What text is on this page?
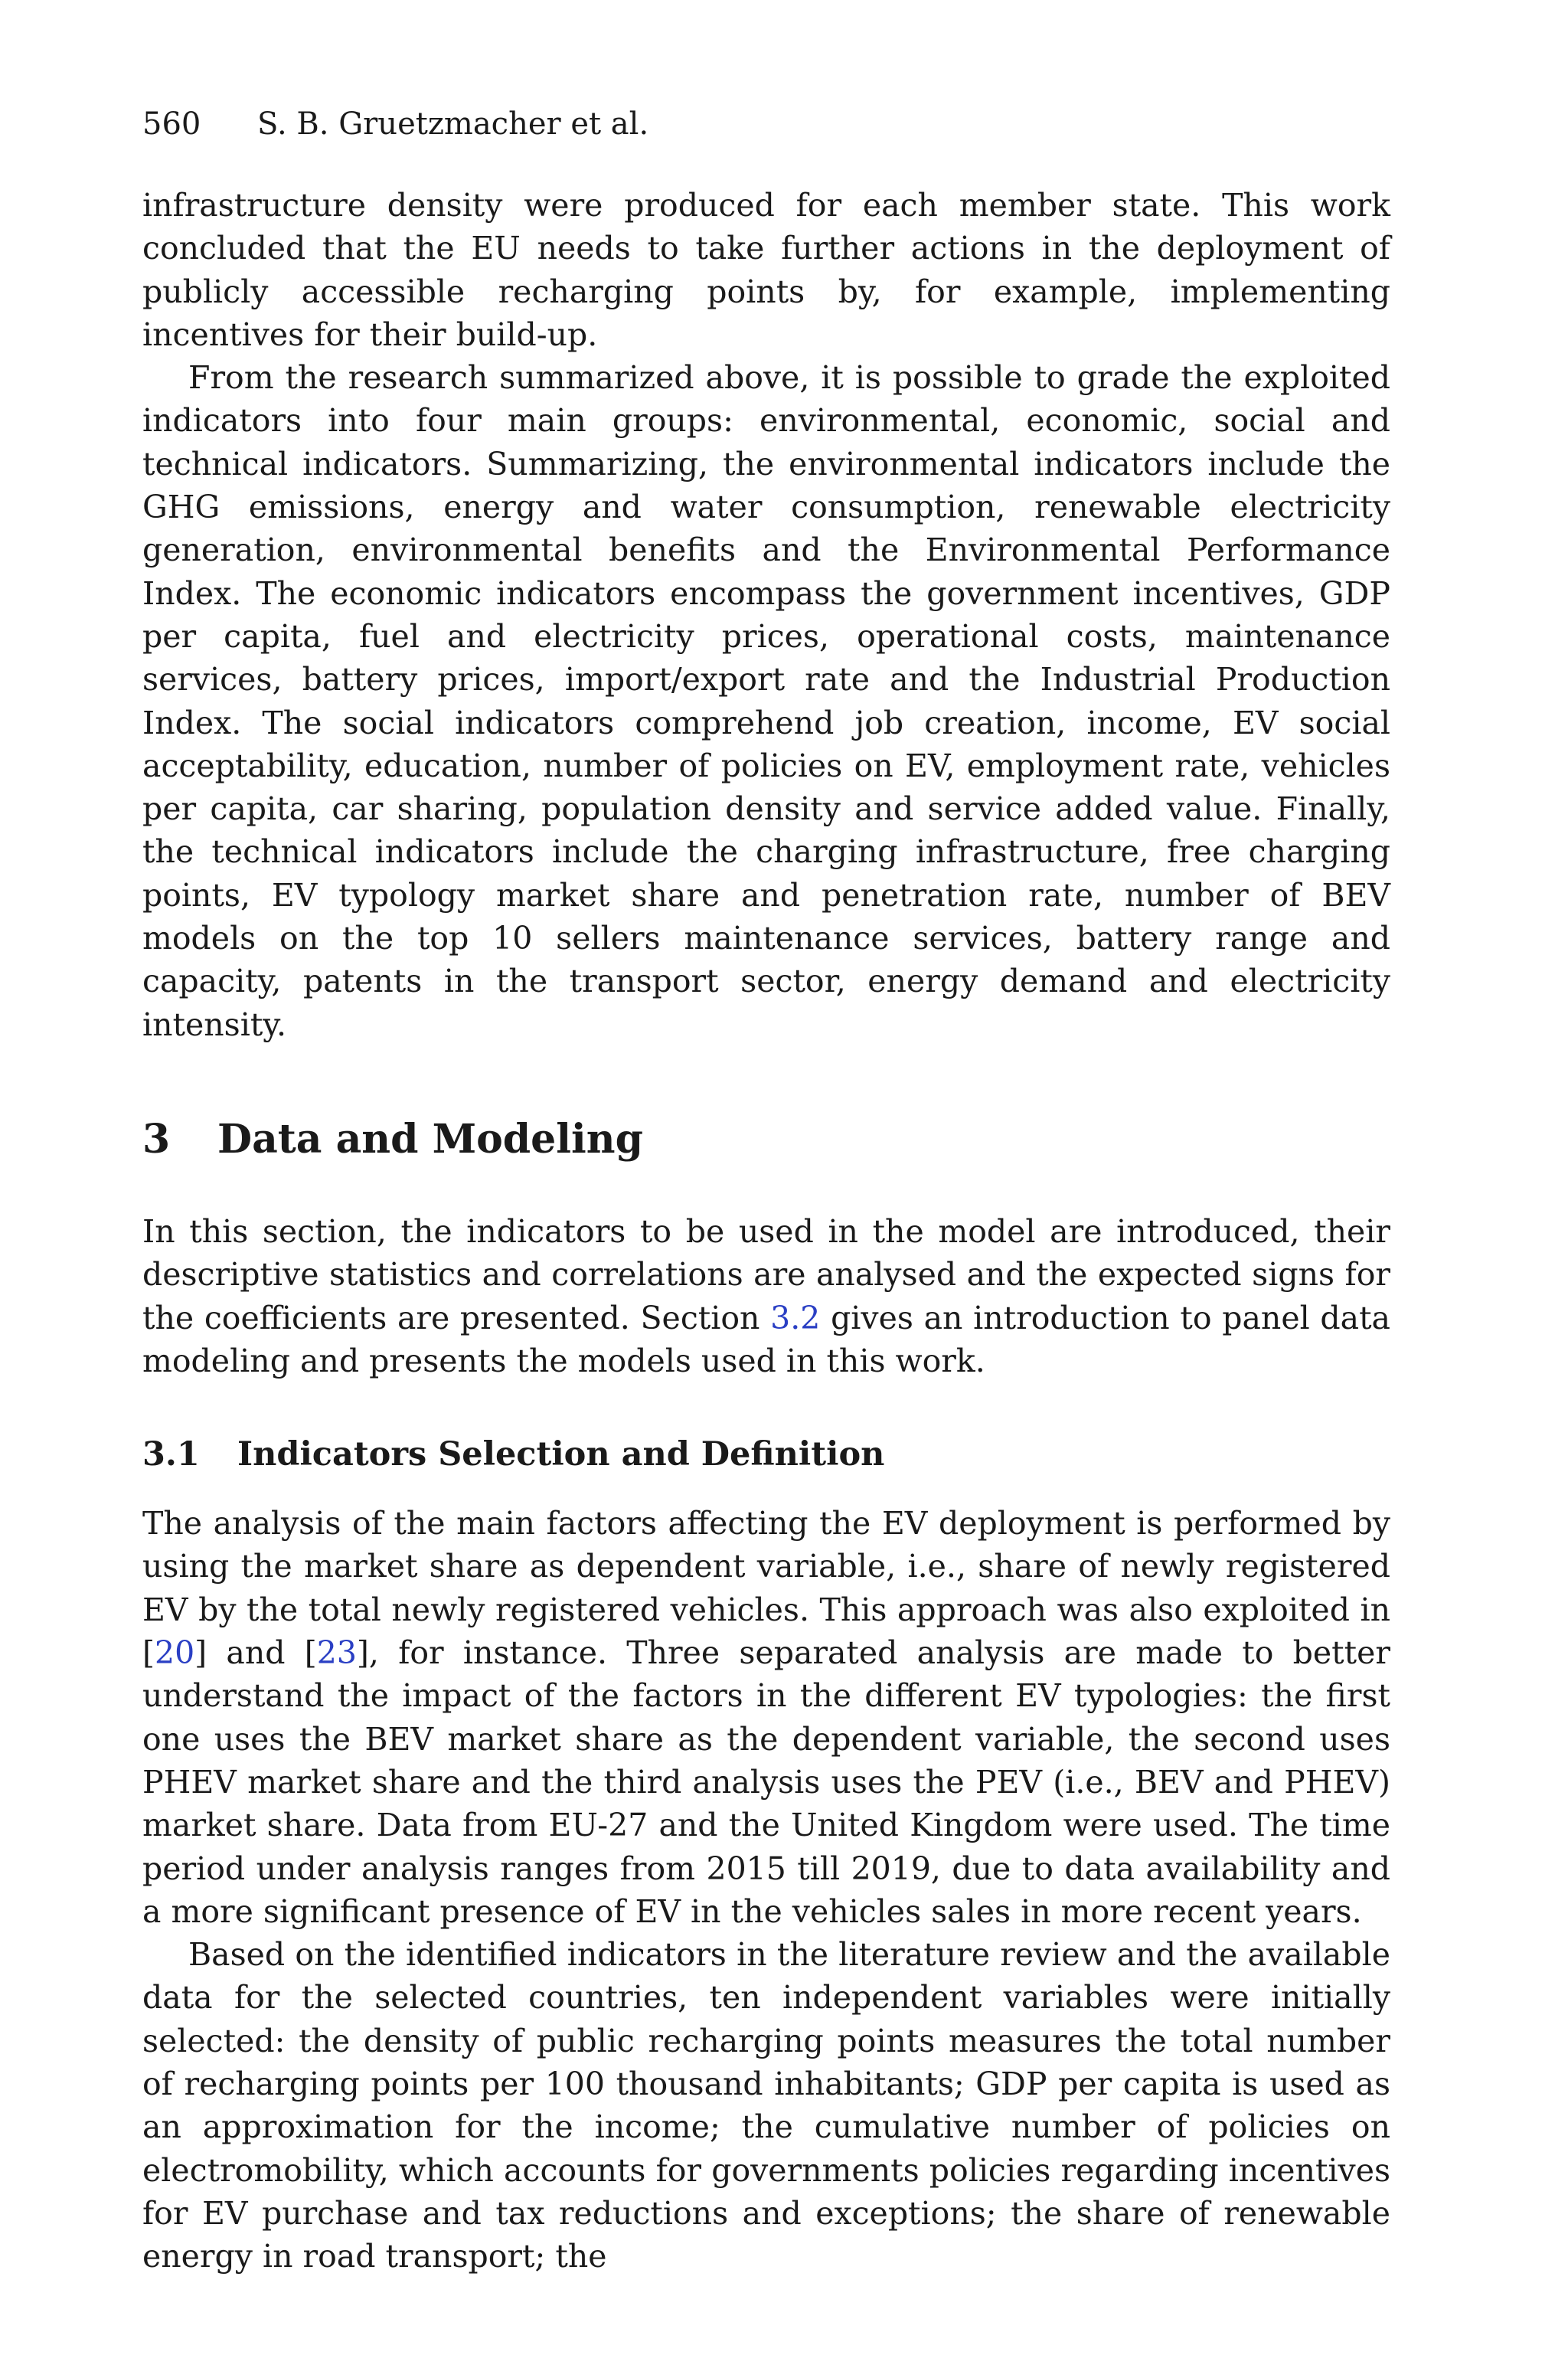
560 S. B. Gruetzmacher et al.

infrastructure density were produced for each member state. This work concluded that the EU needs to take further actions in the deployment of publicly accessible recharging points by, for example, implementing incentives for their build-up.

From the research summarized above, it is possible to grade the exploited indicators into four main groups: environmental, economic, social and technical indicators. Summarizing, the environmental indicators include the GHG emissions, energy and water consumption, renewable electricity generation, environmental benefits and the Environmental Performance Index. The economic indicators encompass the government incentives, GDP per capita, fuel and electricity prices, operational costs, maintenance services, battery prices, import/export rate and the Industrial Production Index. The social indicators comprehend job creation, income, EV social acceptability, education, number of policies on EV, employment rate, vehicles per capita, car sharing, population density and service added value. Finally, the technical indicators include the charging infrastructure, free charging points, EV typology market share and penetration rate, number of BEV models on the top 10 sellers maintenance services, battery range and capacity, patents in the transport sector, energy demand and electricity intensity.

3 Data and Modeling

In this section, the indicators to be used in the model are introduced, their descriptive statistics and correlations are analysed and the expected signs for the coefficients are presented. Section 3.2 gives an introduction to panel data modeling and presents the models used in this work.

3.1 Indicators Selection and Definition

The analysis of the main factors affecting the EV deployment is performed by using the market share as dependent variable, i.e., share of newly registered EV by the total newly registered vehicles. This approach was also exploited in [20] and [23], for instance. Three separated analysis are made to better understand the impact of the factors in the different EV typologies: the first one uses the BEV market share as the dependent variable, the second uses PHEV market share and the third analysis uses the PEV (i.e., BEV and PHEV) market share. Data from EU-27 and the United Kingdom were used. The time period under analysis ranges from 2015 till 2019, due to data availability and a more significant presence of EV in the vehicles sales in more recent years.

Based on the identified indicators in the literature review and the available data for the selected countries, ten independent variables were initially selected: the density of public recharging points measures the total number of recharging points per 100 thousand inhabitants; GDP per capita is used as an approximation for the income; the cumulative number of policies on electromobility, which accounts for governments policies regarding incentives for EV purchase and tax reductions and exceptions; the share of renewable energy in road transport; the
